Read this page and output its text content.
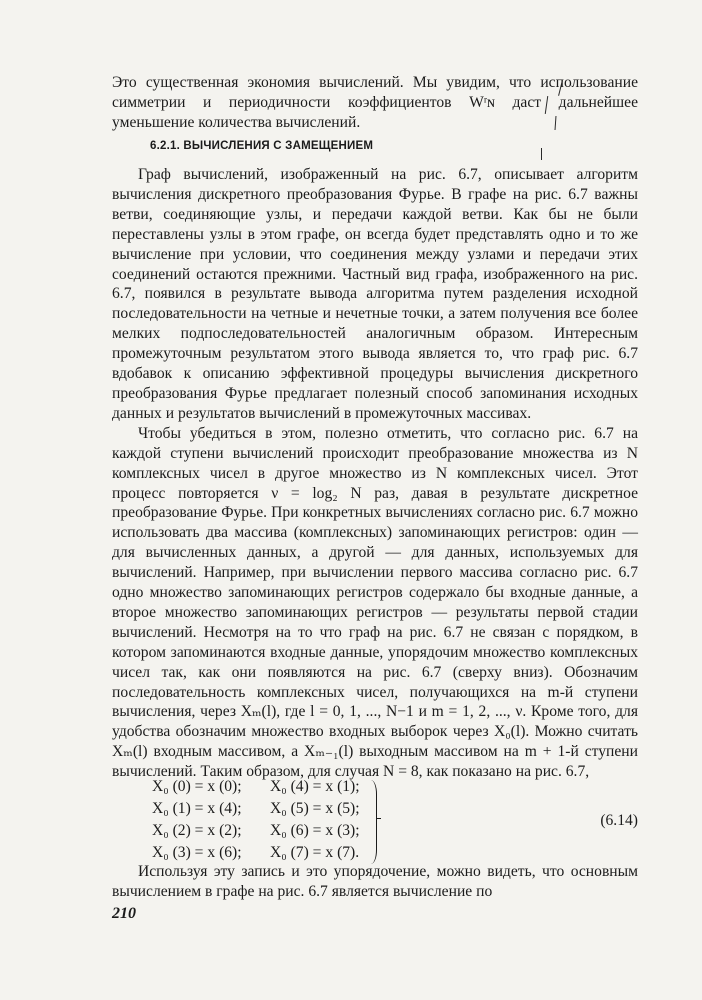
Это существенная экономия вычислений. Мы увидим, что использование симметрии и периодичности коэффициентов Wʳɴ даст дальнейшее уменьшение количества вычислений.

6.2.1. ВЫЧИСЛЕНИЯ С ЗАМЕЩЕНИЕМ

Граф вычислений, изображенный на рис. 6.7, описывает алгоритм вычисления дискретного преобразования Фурье. В графе на рис. 6.7 важны ветви, соединяющие узлы, и передачи каждой ветви. Как бы не были переставлены узлы в этом графе, он всегда будет представлять одно и то же вычисление при условии, что соединения между узлами и передачи этих соединений остаются прежними. Частный вид графа, изображенного на рис. 6.7, появился в результате вывода алгоритма путем разделения исходной последовательности на четные и нечетные точки, а затем получения все более мелких подпоследовательностей аналогичным образом. Интересным промежуточным результатом этого вывода является то, что граф рис. 6.7 вдобавок к описанию эффективной процедуры вычисления дискретного преобразования Фурье предлагает полезный способ запоминания исходных данных и результатов вычислений в промежуточных массивах.

Чтобы убедиться в этом, полезно отметить, что согласно рис. 6.7 на каждой ступени вычислений происходит преобразование множества из N комплексных чисел в другое множество из N комплексных чисел. Этот процесс повторяется ν = log₂ N раз, давая в результате дискретное преобразование Фурье. При конкретных вычислениях согласно рис. 6.7 можно использовать два массива (комплексных) запоминающих регистров: один — для вычисленных данных, а другой — для данных, используемых для вычислений. Например, при вычислении первого массива согласно рис. 6.7 одно множество запоминающих регистров содержало бы входные данные, а второе множество запоминающих регистров — результаты первой стадии вычислений. Несмотря на то что граф на рис. 6.7 не связан с порядком, в котором запоминаются входные данные, упорядочим множество комплексных чисел так, как они появляются на рис. 6.7 (сверху вниз). Обозначим последовательность комплексных чисел, получающихся на m-й ступени вычисления, через Xₘ(l), где l = 0, 1, ..., N−1 и m = 1, 2, ..., ν. Кроме того, для удобства обозначим множество входных выборок через X₀(l). Можно считать Xₘ(l) входным массивом, а Xₘ₋₁(l) выходным массивом на m + 1-й ступени вычислений. Таким образом, для случая N = 8, как показано на рис. 6.7,

X₀ (0) = x (0); X₀ (4) = x (1);
X₀ (1) = x (4); X₀ (5) = x (5);
X₀ (2) = x (2); X₀ (6) = x (3);
X₀ (3) = x (6); X₀ (7) = x (7).
(6.14)

Используя эту запись и это упорядочение, можно видеть, что основным вычислением в графе на рис. 6.7 является вычисление по

210
